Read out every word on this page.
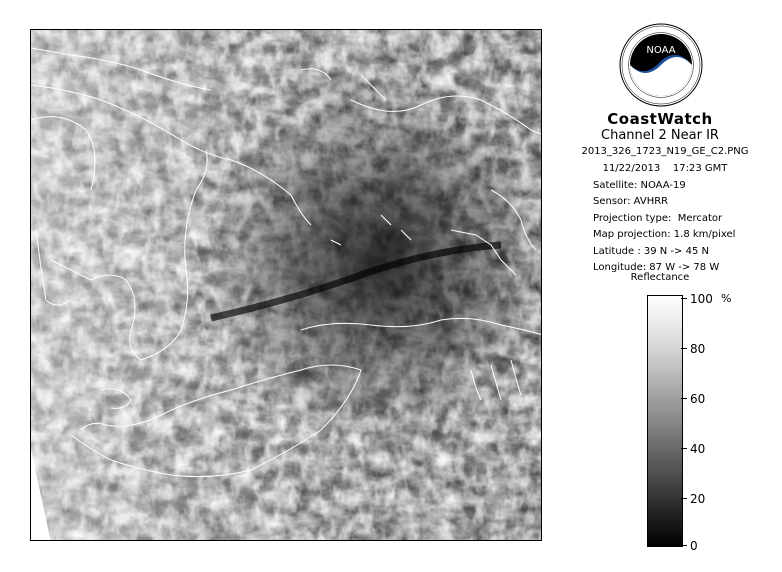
NOAA
CoastWatch
Channel 2 Near IR
2013_326_1723_N19_GE_C2.PNG
11/22/2013    17:23 GMT
Satellite: NOAA-19
Sensor: AVHRR
Projection type:  Mercator
Map projection: 1.8 km/pixel
Latitude : 39 N -> 45 N
Longitude: 87 W -> 78 W
Reflectance
%
100
80
60
40
20
0
